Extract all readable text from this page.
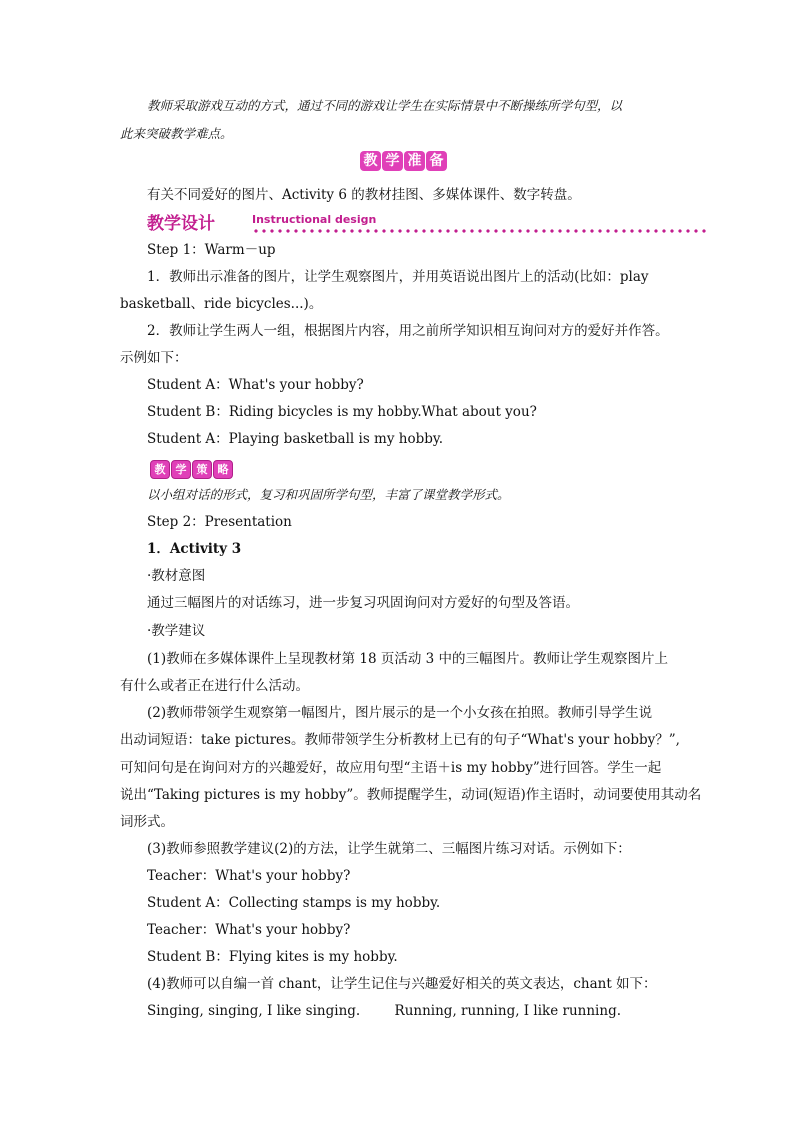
教师采取游戏互动的方式，通过不同的游戏让学生在实际情景中不断操练所学句型，以
此来突破教学难点。
教 学 准 备
有关不同爱好的图片、Activity 6 的教材挂图、多媒体课件、数字转盘。
教学设计	Instructional design
Step 1：Warm－up
1．教师出示准备的图片，让学生观察图片，并用英语说出图片上的活动(比如：play
basketball、ride bicycles...)。
2．教师让学生两人一组，根据图片内容，用之前所学知识相互询问对方的爱好并作答。
示例如下：
Student A：What's your hobby?
Student B：Riding bicycles is my hobby.What about you?
Student A：Playing basketball is my hobby.
教 学 策 略
以小组对话的形式，复习和巩固所学句型，丰富了课堂教学形式。
Step 2：Presentation
1．Activity 3
·教材意图
通过三幅图片的对话练习，进一步复习巩固询问对方爱好的句型及答语。
·教学建议
(1)教师在多媒体课件上呈现教材第 18 页活动 3 中的三幅图片。教师让学生观察图片上
有什么或者正在进行什么活动。
(2)教师带领学生观察第一幅图片，图片展示的是一个小女孩在拍照。教师引导学生说
出动词短语：take pictures。教师带领学生分析教材上已有的句子“What's your hobby？”,
可知问句是在询问对方的兴趣爱好，故应用句型“主语＋is my hobby”进行回答。学生一起
说出“Taking pictures is my hobby”。教师提醒学生，动词(短语)作主语时，动词要使用其动名
词形式。
(3)教师参照教学建议(2)的方法，让学生就第二、三幅图片练习对话。示例如下：
Teacher：What's your hobby?
Student A：Collecting stamps is my hobby.
Teacher：What's your hobby?
Student B：Flying kites is my hobby.
(4)教师可以自编一首 chant，让学生记住与兴趣爱好相关的英文表达，chant 如下：
Singing, singing, I like singing.        Running, running, I like running.
